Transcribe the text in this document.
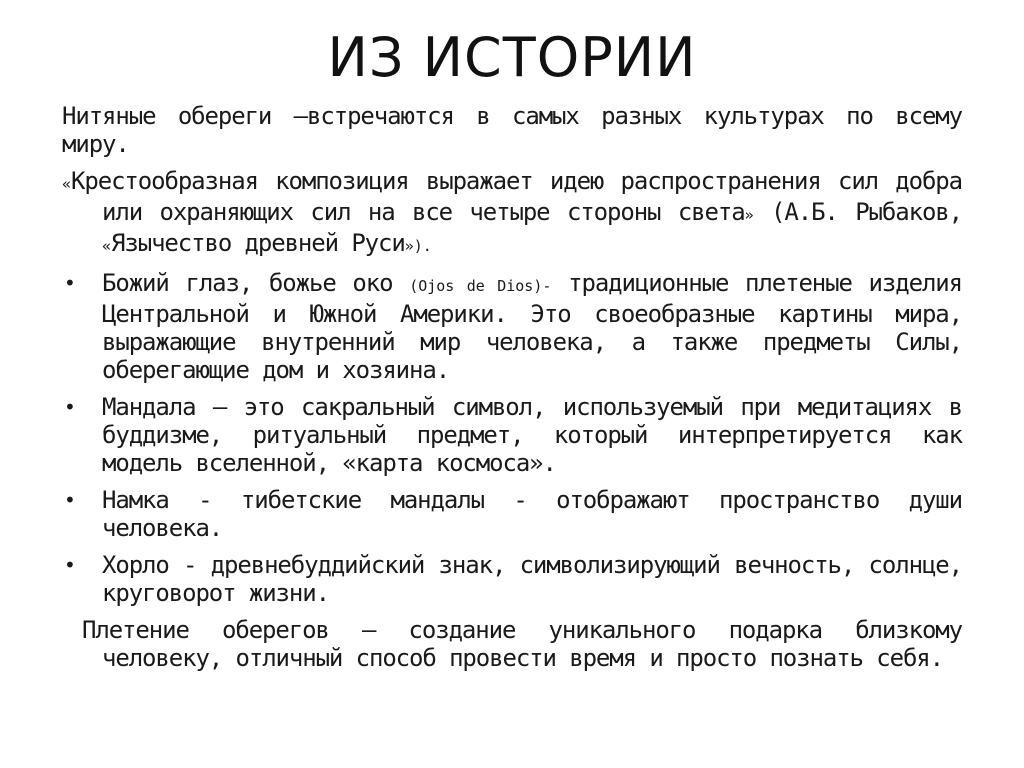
ИЗ ИСТОРИИ

Нитяные обереги –встречаются в самых разных культурах по всему миру.

«Крестообразная композиция выражает идею распространения сил добра или охраняющих сил на все четыре стороны света» (А.Б. Рыбаков, «Язычество древней Руси»).

• Божий глаз, божье око (Ojos de Dios)- традиционные плетеные изделия Центральной и Южной Америки. Это своеобразные картины мира, выражающие внутренний мир человека, а также предметы Силы, оберегающие дом и хозяина.
• Мандала — это сакральный символ, используемый при медитациях в буддизме, ритуальный предмет, который интерпретируется как модель вселенной, «карта космоса».
• Намка - тибетские мандалы - отображают пространство души человека.
• Хорло - древнебуддийский знак, символизирующий вечность, солнце, круговорот жизни.

Плетение оберегов – создание уникального подарка близкому человеку, отличный способ провести время и просто познать себя.
